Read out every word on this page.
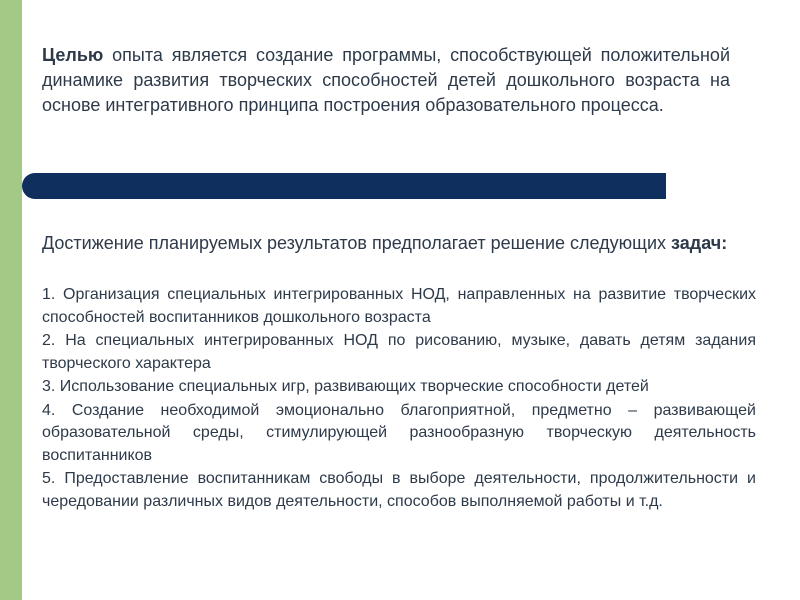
Целью опыта является создание программы, способствующей положительной динамике развития творческих способностей детей дошкольного возраста на основе интегративного принципа построения образовательного процесса.

Достижение планируемых результатов предполагает решение следующих задач:

1. Организация специальных интегрированных НОД, направленных на развитие творческих способностей воспитанников дошкольного возраста
2. На специальных интегрированных НОД по рисованию, музыке, давать детям задания творческого характера
3. Использование специальных игр, развивающих творческие способности детей
4. Создание необходимой эмоционально благоприятной, предметно – развивающей образовательной среды, стимулирующей разнообразную творческую деятельность воспитанников
5. Предоставление воспитанникам свободы в выборе деятельности, продолжительности и чередовании различных видов деятельности, способов выполняемой работы и т.д.
